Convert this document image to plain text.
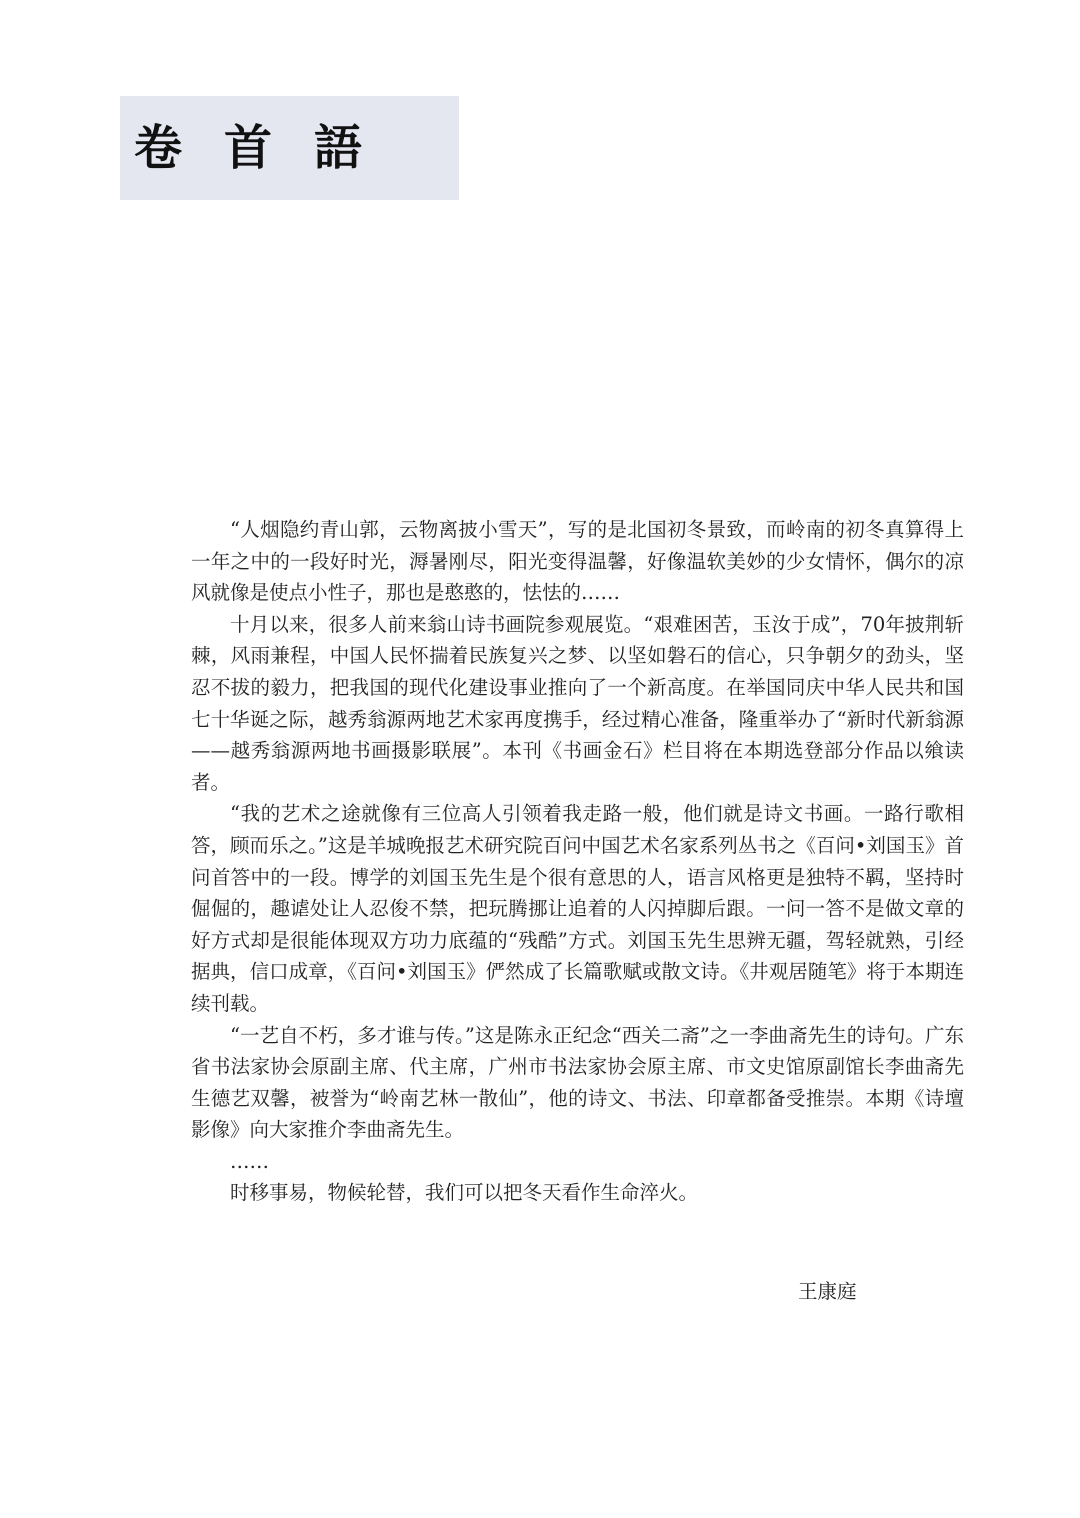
卷首語

“人烟隐约青山郭，云物离披小雪天”，写的是北国初冬景致，而岭南的初冬真算得上一年之中的一段好时光，溽暑刚尽，阳光变得温馨，好像温软美妙的少女情怀，偶尔的凉风就像是使点小性子，那也是憨憨的，怯怯的……

十月以来，很多人前来翁山诗书画院参观展览。“艰难困苦，玉汝于成”，70年披荆斩棘，风雨兼程，中国人民怀揣着民族复兴之梦、以坚如磐石的信心，只争朝夕的劲头，坚忍不拔的毅力，把我国的现代化建设事业推向了一个新高度。在举国同庆中华人民共和国七十华诞之际，越秀翁源两地艺术家再度携手，经过精心准备，隆重举办了“新时代新翁源——越秀翁源两地书画摄影联展”。本刊《书画金石》栏目将在本期选登部分作品以飨读者。

“我的艺术之途就像有三位高人引领着我走路一般，他们就是诗文书画。一路行歌相答，顾而乐之。”这是羊城晚报艺术研究院百问中国艺术名家系列丛书之《百问•刘国玉》首问首答中的一段。博学的刘国玉先生是个很有意思的人，语言风格更是独特不羁，坚持时倔倔的，趣谑处让人忍俊不禁，把玩腾挪让追着的人闪掉脚后跟。一问一答不是做文章的好方式却是很能体现双方功力底蕴的“残酷”方式。刘国玉先生思辨无疆，驾轻就熟，引经据典，信口成章，《百问•刘国玉》俨然成了长篇歌赋或散文诗。《井观居随笔》将于本期连续刊载。

“一艺自不朽，多才谁与传。”这是陈永正纪念“西关二斋”之一李曲斋先生的诗句。广东省书法家协会原副主席、代主席，广州市书法家协会原主席、市文史馆原副馆长李曲斋先生德艺双馨，被誉为“岭南艺林一散仙”，他的诗文、书法、印章都备受推崇。本期《诗壇影像》向大家推介李曲斋先生。

……

时移事易，物候轮替，我们可以把冬天看作生命淬火。

王康庭
